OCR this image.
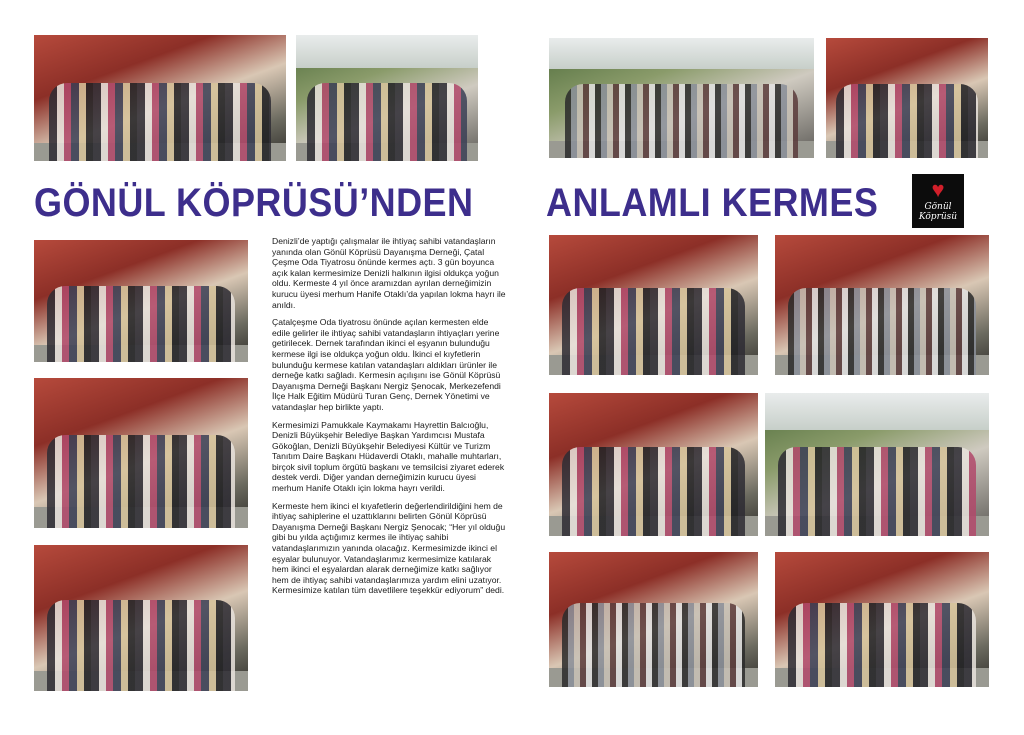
GÖNÜL KÖPRÜSÜ’NDEN

Denizli’de yaptığı çalışmalar ile ihtiyaç sahibi vatandaşların yanında olan Gönül Köprüsü Dayanışma Derneği, Çatal Çeşme Oda Tiyatrosu önünde kermes açtı. 3 gün boyunca açık kalan kermesimize Denizli halkının ilgisi oldukça yoğun oldu. Kermeste 4 yıl önce aramızdan ayrılan derneğimizin kurucu üyesi merhum Hanife Otaklı’da yapılan lokma hayrı ile anıldı.

Çatalçeşme Oda tiyatrosu önünde açılan kermesten elde edile gelirler ile ihtiyaç sahibi vatandaşların ihtiyaçları yerine getirilecek. Dernek tarafından ikinci el eşyanın bulunduğu kermese ilgi ise oldukça yoğun oldu. İkinci el kıyfetlerin bulunduğu kermese katılan vatandaşları aldıkları ürünler ile derneğe katkı sağladı. Kermesin açılışını ise Gönül Köprüsü Dayanışma Derneği Başkanı Nergiz Şenocak, Merkezefendi İlçe Halk Eğitim Müdürü Turan Genç, Dernek Yönetimi ve vatandaşlar hep birlikte yaptı.

Kermesimizi Pamukkale Kaymakamı Hayrettin Balcıoğlu, Denizli Büyükşehir Belediye Başkan Yardımcısı Mustafa Gökoğlan, Denizli Büyükşehir Belediyesi Kültür ve Turizm Tanıtım Daire Başkanı Hüdaverdi Otaklı, mahalle muhtarları, birçok sivil toplum örgütü başkanı ve temsilcisi ziyaret ederek destek verdi. Diğer yandan derneğimizin kurucu üyesi merhum Hanife Otaklı için lokma hayrı verildi.

Kermeste hem ikinci el kıyafetlerin değerlendirildiğini hem de ihtiyaç sahiplerine el uzattıklarını belirten Gönül Köprüsü Dayanışma Derneği Başkanı Nergiz Şenocak; “Her yıl olduğu gibi bu yılda açtığımız kermes ile ihtiyaç sahibi vatandaşlarımızın yanında olacağız. Kermesimizde ikinci el eşyalar bulunuyor. Vatandaşlarımız kermesimize katılarak hem ikinci el eşyalardan alarak derneğimize katkı sağlıyor hem de ihtiyaç sahibi vatandaşlarımıza yardım elini uzatıyor. Kermesimize katılan tüm davetlilere teşekkür ediyorum” dedi.

ANLAMLI KERMES	♥
Gönül
Köprüsü
